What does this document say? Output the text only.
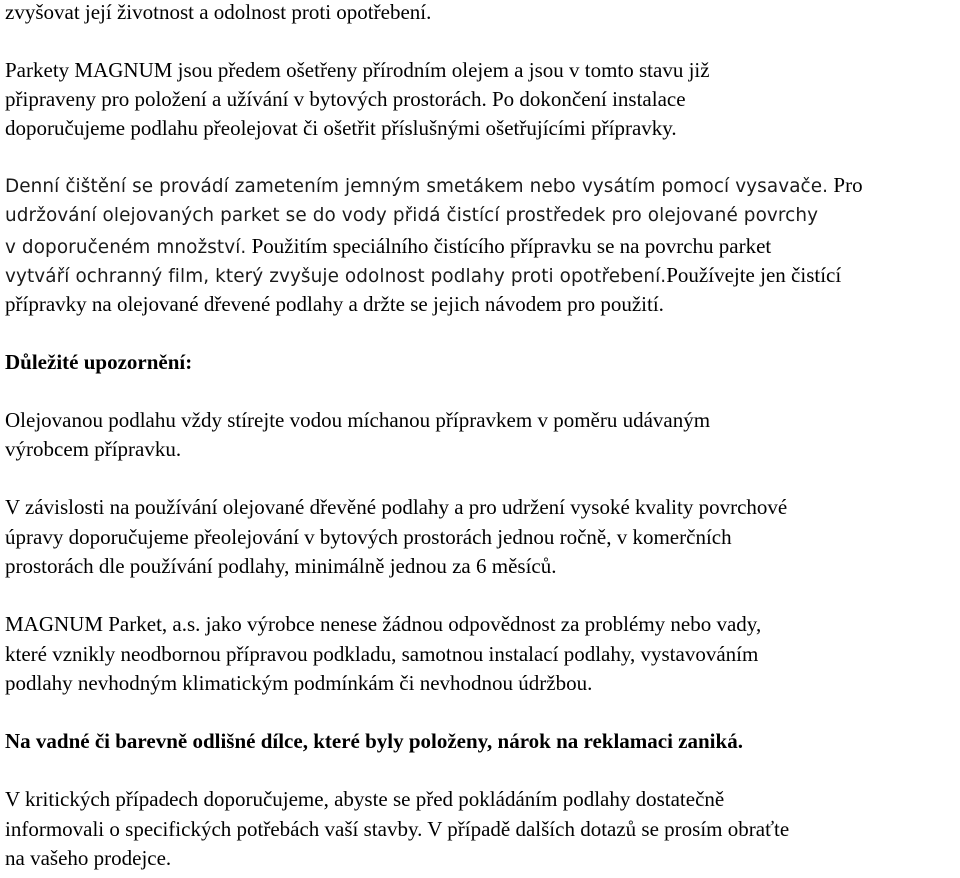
zvyšovat její životnost a odolnost proti opotřebení.
Parkety MAGNUM jsou předem ošetřeny přírodním olejem a jsou v tomto stavu již
připraveny pro položení a užívání v bytových prostorách. Po dokončení instalace
doporučujeme podlahu přeolejovat či ošetřit příslušnými ošetřujícími přípravky.
Denní čištění se provádí zametením jemným smetákem nebo vysátím pomocí vysavače. Pro
udržování olejovaných parket se do vody přidá čistící prostředek pro olejované povrchy
v doporučeném množství. Použitím speciálního čistícího přípravku se na povrchu parket
vytváří ochranný film, který zvyšuje odolnost podlahy proti opotřebení.Používejte jen čistící
přípravky na olejované dřevené podlahy a držte se jejich návodem pro použití.
Důležité upozornění:
Olejovanou podlahu vždy stírejte vodou míchanou přípravkem v poměru udávaným
výrobcem přípravku.
V závislosti na používání olejované dřevěné podlahy a pro udržení vysoké kvality povrchové
úpravy doporučujeme přeolejování v bytových prostorách jednou ročně, v komerčních
prostorách dle používání podlahy, minimálně jednou za 6 měsíců.
MAGNUM Parket, a.s. jako výrobce nenese žádnou odpovědnost za problémy nebo vady,
které vznikly neodbornou přípravou podkladu, samotnou instalací podlahy, vystavováním
podlahy nevhodným klimatickým podmínkám či nevhodnou údržbou.
Na vadné či barevně odlišné dílce, které byly položeny, nárok na reklamaci zaniká.
V kritických případech doporučujeme, abyste se před pokládáním podlahy dostatečně
informovali o specifických potřebách vaší stavby. V případě dalších dotazů se prosím obraťte
na vašeho prodejce.
